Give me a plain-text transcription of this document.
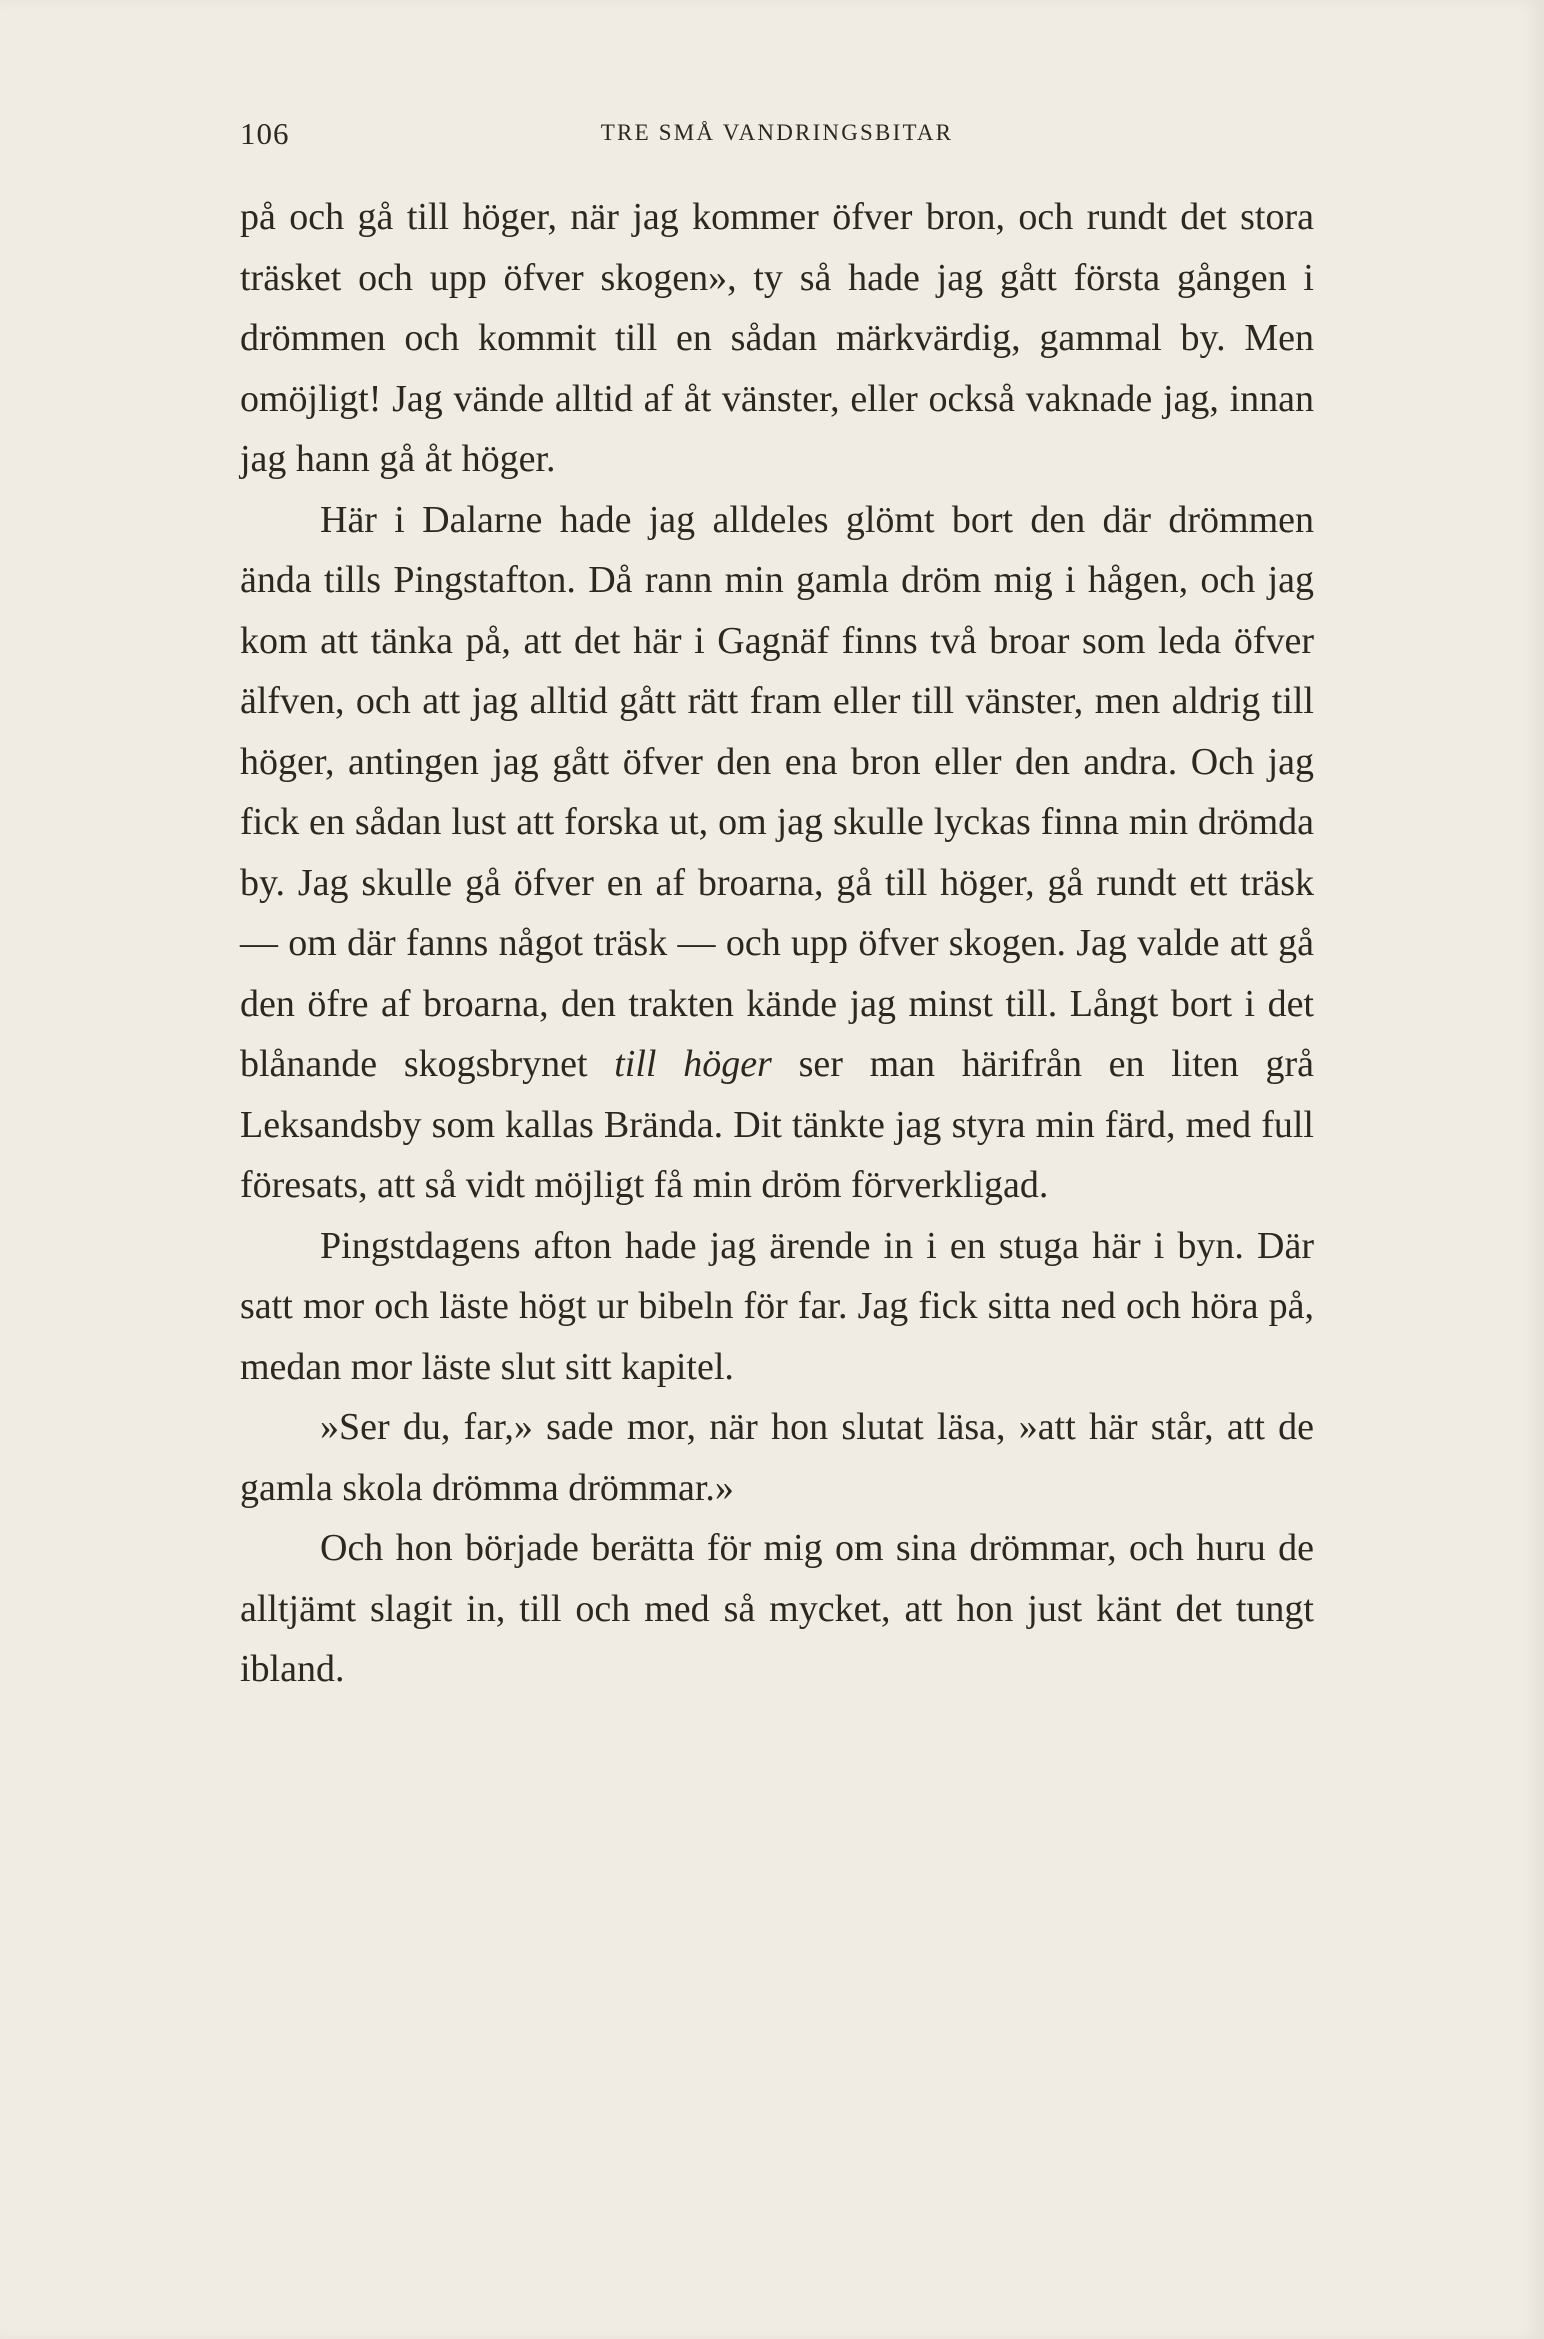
106	TRE SMÅ VANDRINGSBITAR

på och gå till höger, när jag kommer öfver bron, och rundt det stora träsket och upp öfver skogen», ty så hade jag gått första gången i drömmen och kommit till en sådan märkvärdig, gammal by. Men omöjligt! Jag vände alltid af åt vänster, eller också vaknade jag, innan jag hann gå åt höger.

Här i Dalarne hade jag alldeles glömt bort den där drömmen ända tills Pingstafton. Då rann min gamla dröm mig i hågen, och jag kom att tänka på, att det här i Gagnäf finns två broar som leda öfver älfven, och att jag alltid gått rätt fram eller till vänster, men aldrig till höger, antingen jag gått öfver den ena bron eller den andra. Och jag fick en sådan lust att forska ut, om jag skulle lyckas finna min drömda by. Jag skulle gå öfver en af broarna, gå till höger, gå rundt ett träsk — om där fanns något träsk — och upp öfver skogen. Jag valde att gå den öfre af broarna, den trakten kände jag minst till. Långt bort i det blånande skogsbrynet till höger ser man härifrån en liten grå Leksandsby som kallas Brända. Dit tänkte jag styra min färd, med full föresats, att så vidt möjligt få min dröm förverkligad.

Pingstdagens afton hade jag ärende in i en stuga här i byn. Där satt mor och läste högt ur bibeln för far. Jag fick sitta ned och höra på, medan mor läste slut sitt kapitel.

»Ser du, far,» sade mor, när hon slutat läsa, »att här står, att de gamla skola drömma drömmar.»

Och hon började berätta för mig om sina drömmar, och huru de alltjämt slagit in, till och med så mycket, att hon just känt det tungt ibland.
